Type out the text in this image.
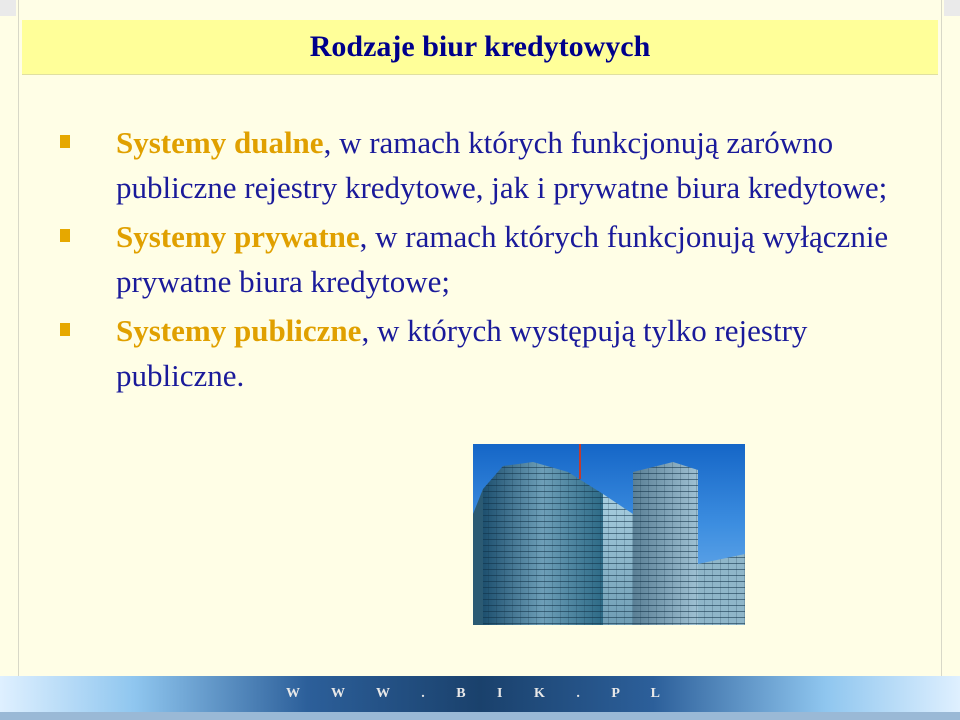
Rodzaje biur kredytowych
Systemy dualne, w ramach których funkcjonują zarówno publiczne rejestry kredytowe, jak i prywatne biura kredytowe;
Systemy prywatne, w ramach których funkcjonują wyłącznie prywatne biura kredytowe;
Systemy publiczne, w których występują tylko rejestry publiczne.
W W W . B I K . P L
